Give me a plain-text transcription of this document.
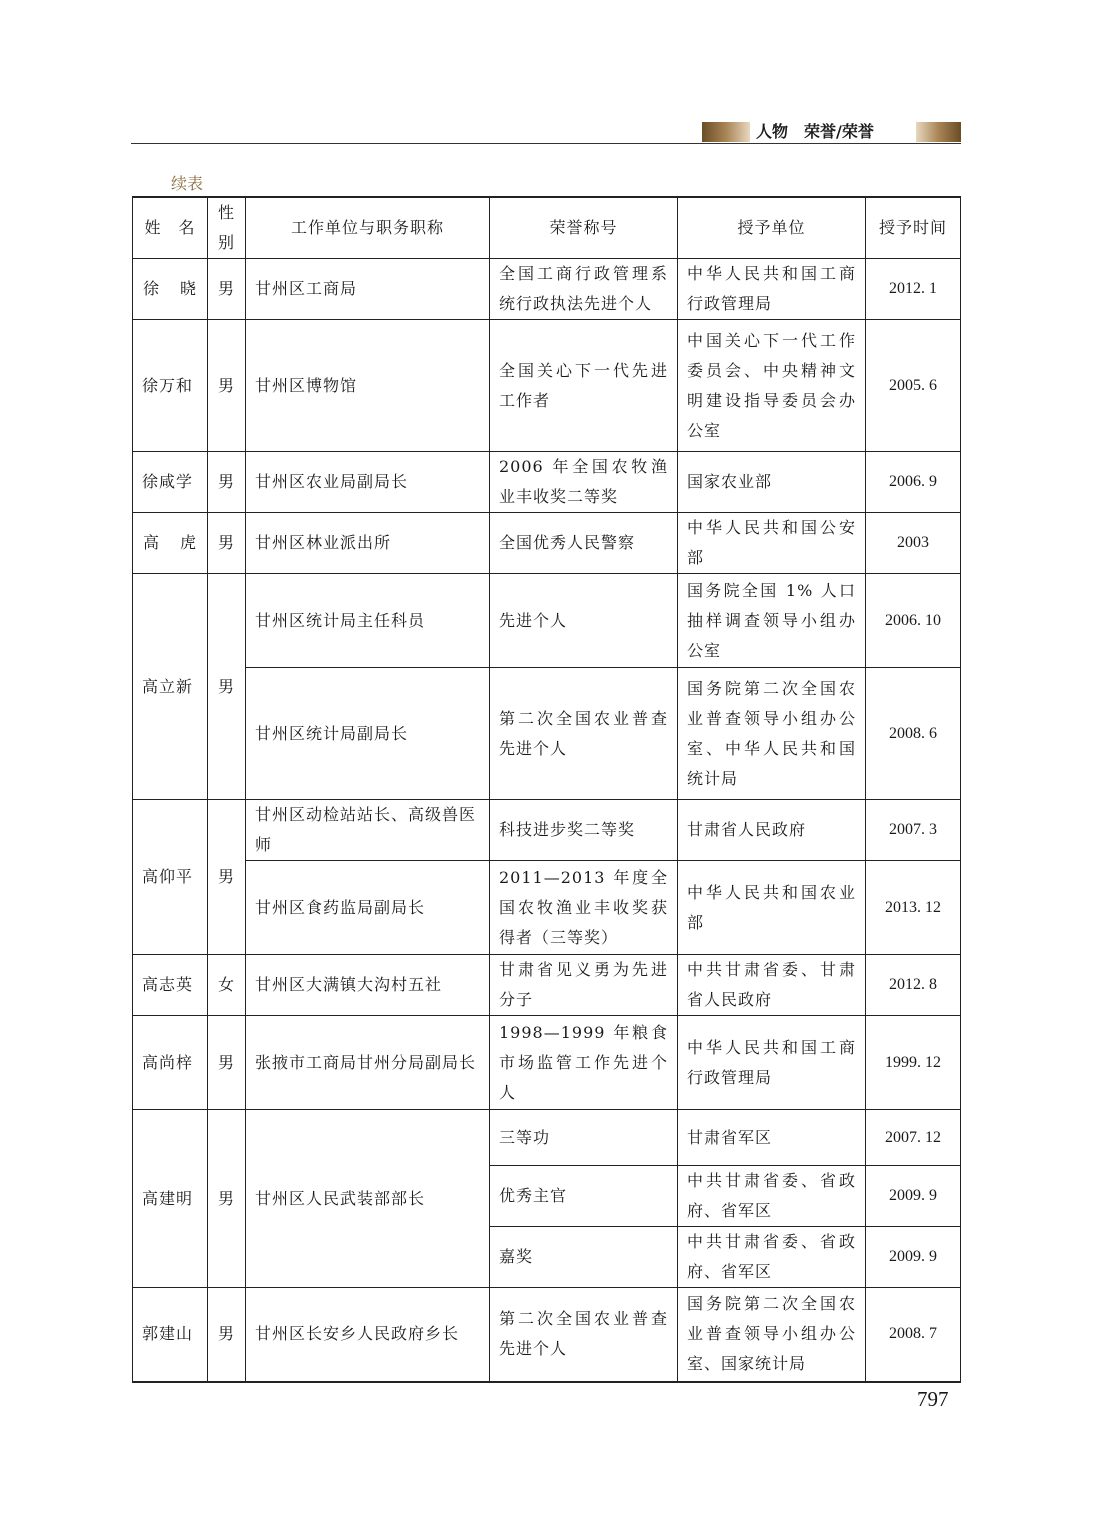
人物　荣誉/荣誉
续表
姓　名	性别	工作单位与职务职称	荣誉称号	授予单位	授予时间
徐　晓	男	甘州区工商局	全国工商行政管理系统行政执法先进个人	中华人民共和国工商行政管理局	2012. 1
徐万和	男	甘州区博物馆	全国关心下一代先进工作者	中国关心下一代工作委员会、中央精神文明建设指导委员会办公室	2005. 6
徐咸学	男	甘州区农业局副局长	2006 年全国农牧渔业丰收奖二等奖	国家农业部	2006. 9
高　虎	男	甘州区林业派出所	全国优秀人民警察	中华人民共和国公安部	2003
高立新	男	甘州区统计局主任科员	先进个人	国务院全国 1% 人口抽样调查领导小组办公室	2006. 10
		甘州区统计局副局长	第二次全国农业普查先进个人	国务院第二次全国农业普查领导小组办公室、中华人民共和国统计局	2008. 6
高仰平	男	甘州区动检站站长、高级兽医师	科技进步奖二等奖	甘肃省人民政府	2007. 3
		甘州区食药监局副局长	2011—2013 年度全国农牧渔业丰收奖获得者（三等奖）	中华人民共和国农业部	2013. 12
高志英	女	甘州区大满镇大沟村五社	甘肃省见义勇为先进分子	中共甘肃省委、甘肃省人民政府	2012. 8
高尚梓	男	张掖市工商局甘州分局副局长	1998—1999 年粮食市场监管工作先进个人	中华人民共和国工商行政管理局	1999. 12
高建明	男	甘州区人民武装部部长	三等功	甘肃省军区	2007. 12
			优秀主官	中共甘肃省委、省政府、省军区	2009. 9
			嘉奖	中共甘肃省委、省政府、省军区	2009. 9
郭建山	男	甘州区长安乡人民政府乡长	第二次全国农业普查先进个人	国务院第二次全国农业普查领导小组办公室、国家统计局	2008. 7
797
